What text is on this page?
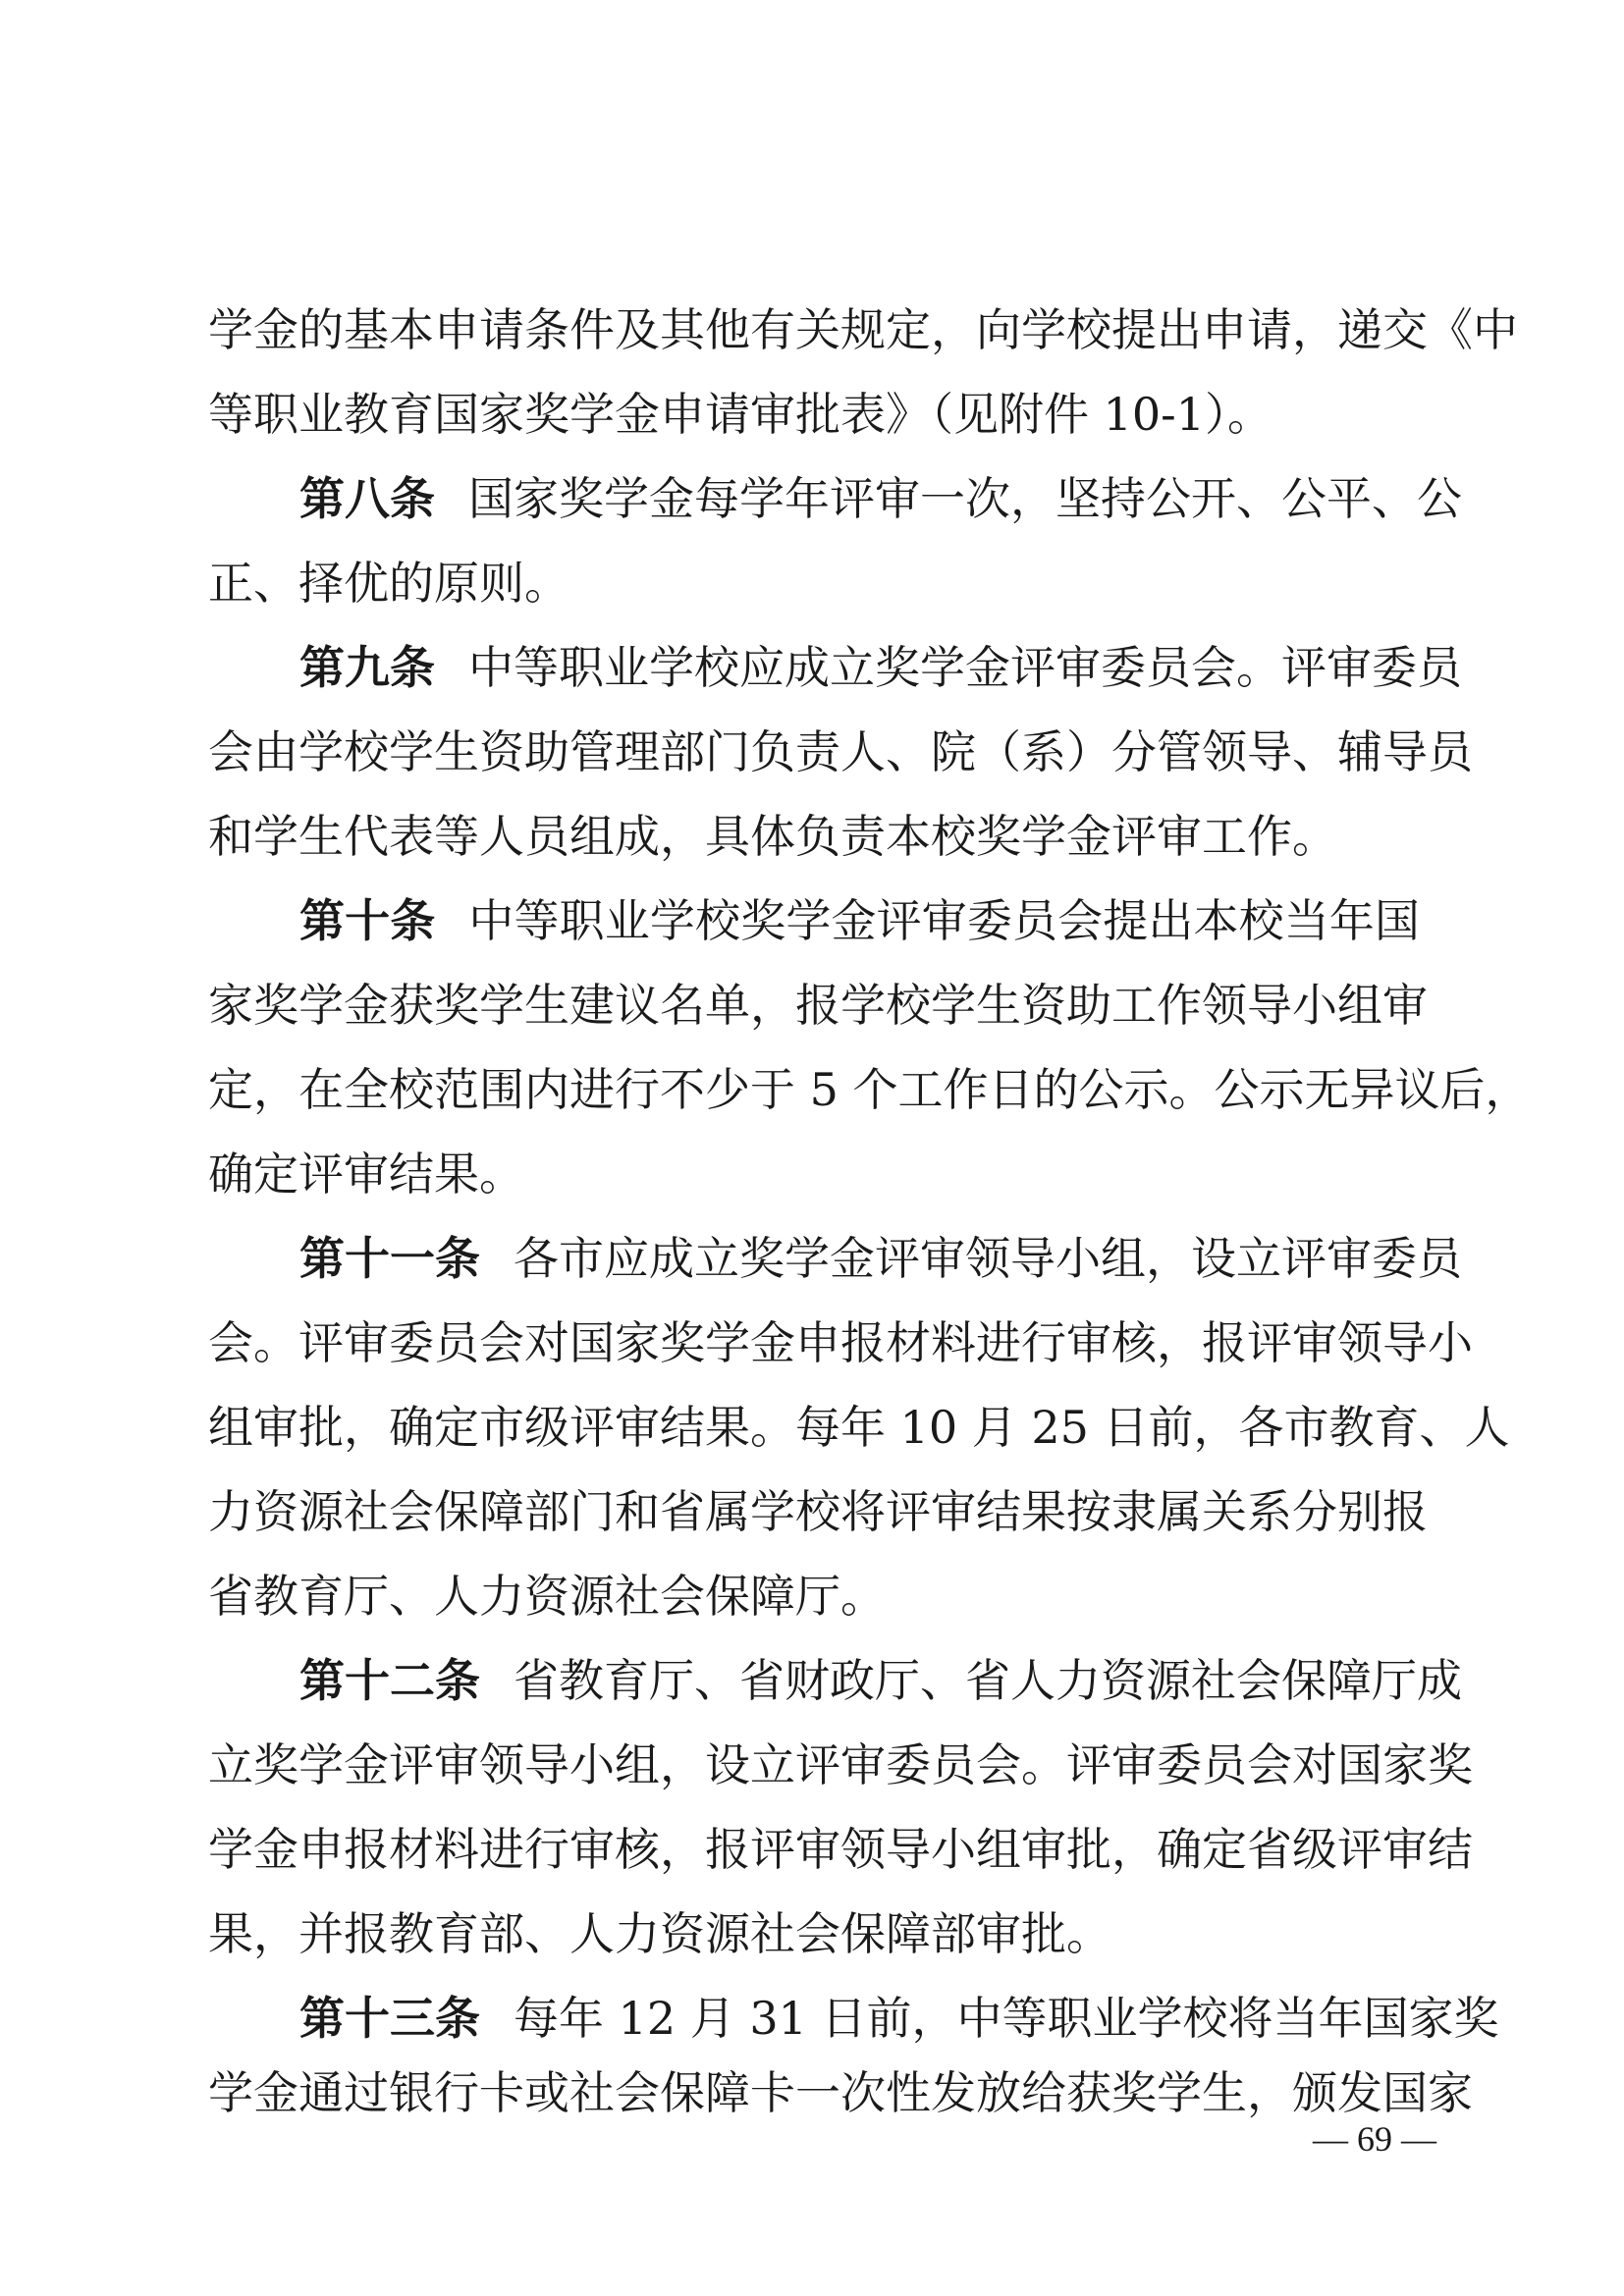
学金的基本申请条件及其他有关规定，向学校提出申请，递交《中
等职业教育国家奖学金申请审批表》（见附件 10-1）。
第八条 国家奖学金每学年评审一次，坚持公开、公平、公
正、择优的原则。
第九条 中等职业学校应成立奖学金评审委员会。评审委员
会由学校学生资助管理部门负责人、院（系）分管领导、辅导员
和学生代表等人员组成，具体负责本校奖学金评审工作。
第十条 中等职业学校奖学金评审委员会提出本校当年国
家奖学金获奖学生建议名单，报学校学生资助工作领导小组审
定，在全校范围内进行不少于 5 个工作日的公示。公示无异议后，
确定评审结果。
第十一条 各市应成立奖学金评审领导小组，设立评审委员
会。评审委员会对国家奖学金申报材料进行审核，报评审领导小
组审批，确定市级评审结果。每年 10 月 25 日前，各市教育、人
力资源社会保障部门和省属学校将评审结果按隶属关系分别报
省教育厅、人力资源社会保障厅。
第十二条 省教育厅、省财政厅、省人力资源社会保障厅成
立奖学金评审领导小组，设立评审委员会。评审委员会对国家奖
学金申报材料进行审核，报评审领导小组审批，确定省级评审结
果，并报教育部、人力资源社会保障部审批。
第十三条 每年 12 月 31 日前，中等职业学校将当年国家奖
学金通过银行卡或社会保障卡一次性发放给获奖学生，颁发国家
— 69 —
